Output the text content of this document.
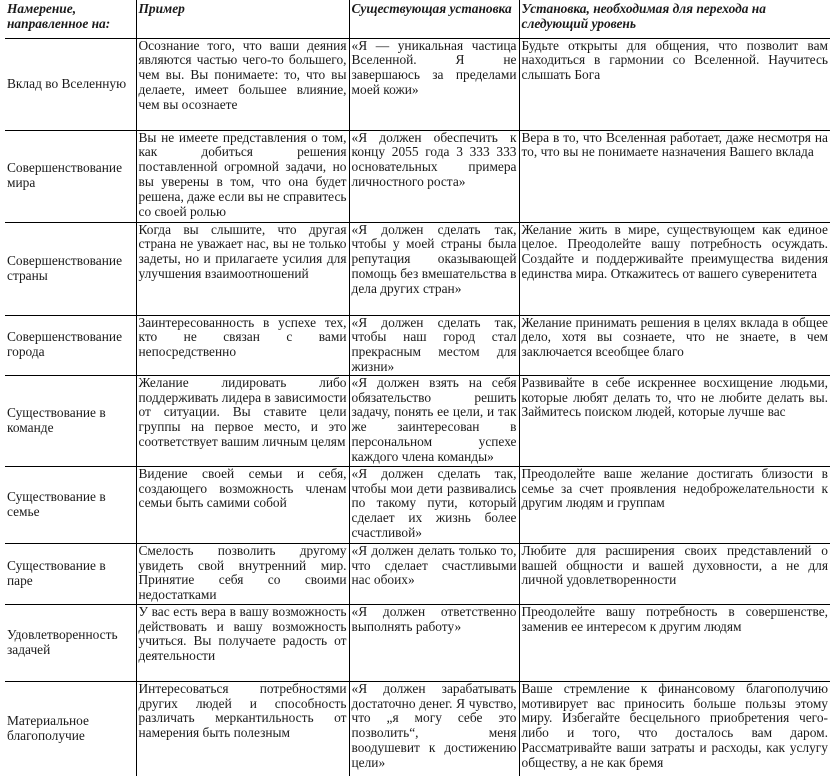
Намерение, направленное на:	Пример	Существующая установка	Установка, необходимая для перехода на следующий уровень
Вклад во Вселенную	Осознание того, что ваши деяния являются частью чего-то большего, чем вы. Вы понимаете: то, что вы делаете, имеет большее влияние, чем вы осознаете	«Я — уникальная частица Вселенной. Я не завершаюсь за пределами моей кожи»	Будьте открыты для общения, что позволит вам находиться в гармонии со Вселенной. Научитесь слышать Бога
Совершенствование мира	Вы не имеете представления о том, как добиться решения поставленной огромной задачи, но вы уверены в том, что она будет решена, даже если вы не справитесь со своей ролью	«Я должен обеспечить к концу 2055 года 3 333 333 основательных примера личностного роста»	Вера в то, что Вселенная работает, даже несмотря на то, что вы не понимаете назначения Вашего вклада
Совершенствование страны	Когда вы слышите, что другая страна не уважает нас, вы не только задеты, но и прилагаете усилия для улучшения взаимоотношений	«Я должен сделать так, чтобы у моей страны была репутация оказывающей помощь без вмешательства в дела других стран»	Желание жить в мире, существующем как единое целое. Преодолейте вашу потребность осуждать. Создайте и поддерживайте преимущества видения единства мира. Откажитесь от вашего суверенитета
Совершенствование города	Заинтересованность в успехе тех, кто не связан с вами непосредственно	«Я должен сделать так, чтобы наш город стал прекрасным местом для жизни»	Желание принимать решения в целях вклада в общее дело, хотя вы сознаете, что не знаете, в чем заключается всеобщее благо
Существование в команде	Желание лидировать либо поддерживать лидера в зависимости от ситуации. Вы ставите цели группы на первое место, и это соответствует вашим личным целям	«Я должен взять на себя обязательство решить задачу, понять ее цели, и так же заинтересован в персональном успехе каждого члена команды»	Развивайте в себе искреннее восхищение людьми, которые любят делать то, что не любите делать вы. Займитесь поиском людей, которые лучше вас
Существование в семье	Видение своей семьи и себя, создающего возможность членам семьи быть самими собой	«Я должен сделать так, чтобы мои дети развивались по такому пути, который сделает их жизнь более счастливой»	Преодолейте ваше желание достигать близости в семье за счет проявления недоброжелательности к другим людям и группам
Существование в паре	Смелость позволить другому увидеть свой внутренний мир. Принятие себя со своими недостатками	«Я должен делать только то, что сделает счастливыми нас обоих»	Любите для расширения своих представлений о вашей общности и вашей духовности, а не для личной удовлетворенности
Удовлетворенность задачей	У вас есть вера в вашу возможность действовать и вашу возможность учиться. Вы получаете радость от деятельности	«Я должен ответственно выполнять работу»	Преодолейте вашу потребность в совершенстве, заменив ее интересом к другим людям
Материальное благополучие	Интересоваться потребностями других людей и способность различать меркантильность от намерения быть полезным	«Я должен зарабатывать достаточно денег. Я чувство, что „я могу себе это позволить“, меня воодушевит к достижению цели»	Ваше стремление к финансовому благополучию мотивирует вас приносить больше пользы этому миру. Избегайте бесцельного приобретения чего-либо и того, что досталось вам даром. Рассматривайте ваши затраты и расходы, как услугу обществу, а не как бремя
